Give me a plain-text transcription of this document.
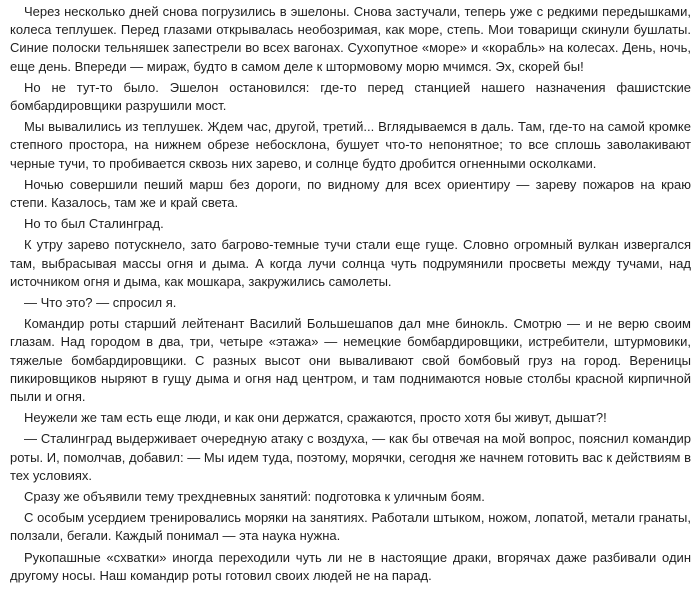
Через несколько дней снова погрузились в эшелоны. Снова застучали, теперь уже с редкими передышками, колеса теплушек. Перед глазами открывалась необозримая, как море, степь. Мои товарищи скинули бушлаты. Синие полоски тельняшек запестрели во всех вагонах. Сухопутное «море» и «корабль» на колесах. День, ночь, еще день. Впереди — мираж, будто в самом деле к штормовому морю мчимся. Эх, скорей бы!

Но не тут-то было. Эшелон остановился: где-то перед станцией нашего назначения фашистские бомбардировщики разрушили мост.

Мы вывалились из теплушек. Ждем час, другой, третий... Вглядываемся в даль. Там, где-то на самой кромке степного простора, на нижнем обрезе небосклона, бушует что-то непонятное; то все сплошь заволакивают черные тучи, то пробивается сквозь них зарево, и солнце будто дробится огненными осколками.

Ночью совершили пеший марш без дороги, по видному для всех ориентиру — зареву пожаров на краю степи. Казалось, там же и край света.

Но то был Сталинград.

К утру зарево потускнело, зато багрово-темные тучи стали еще гуще. Словно огромный вулкан извергался там, выбрасывая массы огня и дыма. А когда лучи солнца чуть подрумянили просветы между тучами, над источником огня и дыма, как мошкара, закружились самолеты.

— Что это? — спросил я.

Командир роты старший лейтенант Василий Большешапов дал мне бинокль. Смотрю — и не верю своим глазам. Над городом в два, три, четыре «этажа» — немецкие бомбардировщики, истребители, штурмовики, тяжелые бомбардировщики. С разных высот они вываливают свой бомбовый груз на город. Вереницы пикировщиков ныряют в гущу дыма и огня над центром, и там поднимаются новые столбы красной кирпичной пыли и огня.

Неужели же там есть еще люди, и как они держатся, сражаются, просто хотя бы живут, дышат?!

— Сталинград выдерживает очередную атаку с воздуха, — как бы отвечая на мой вопрос, пояснил командир роты. И, помолчав, добавил: — Мы идем туда, поэтому, морячки, сегодня же начнем готовить вас к действиям в тех условиях.

Сразу же объявили тему трехдневных занятий: подготовка к уличным боям.

С особым усердием тренировались моряки на занятиях. Работали штыком, ножом, лопатой, метали гранаты, ползали, бегали. Каждый понимал — эта наука нужна.

Рукопашные «схватки» иногда переходили чуть ли не в настоящие драки, вгорячах даже разбивали один другому носы. Наш командир роты готовил своих людей не на парад.
